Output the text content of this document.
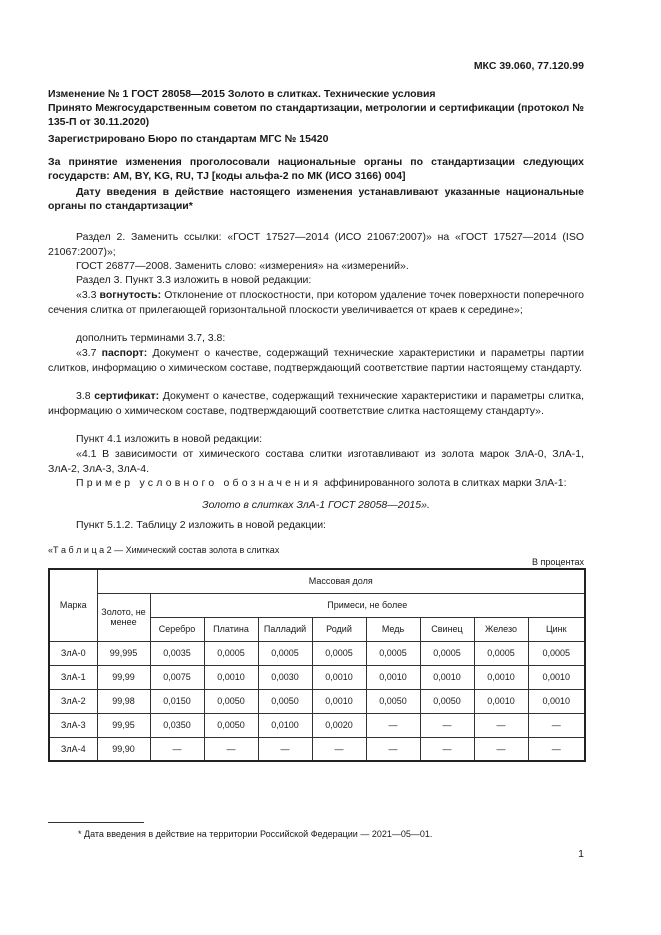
МКС 39.060, 77.120.99
Изменение № 1 ГОСТ 28058—2015 Золото в слитках. Технические условия
Принято Межгосударственным советом по стандартизации, метрологии и сертификации (протокол № 135-П от 30.11.2020)
Зарегистрировано Бюро по стандартам МГС № 15420
За принятие изменения проголосовали национальные органы по стандартизации следующих государств: AM, BY, KG, RU, TJ [коды альфа-2 по МК (ИСО 3166) 004]
Дату введения в действие настоящего изменения устанавливают указанные национальные органы по стандартизации*
Раздел 2. Заменить ссылки: «ГОСТ 17527—2014 (ИСО 21067:2007)» на «ГОСТ 17527—2014 (ISO 21067:2007)»;
ГОСТ 26877—2008. Заменить слово: «измерения» на «измерений».
Раздел 3. Пункт 3.3 изложить в новой редакции:
«3.3 вогнутость: Отклонение от плоскостности, при котором удаление точек поверхности поперечного сечения слитка от прилегающей горизонтальной плоскости увеличивается от краев к середине»;
дополнить терминами 3.7, 3.8:
«3.7 паспорт: Документ о качестве, содержащий технические характеристики и параметры партии слитков, информацию о химическом составе, подтверждающий соответствие партии настоящему стандарту.
3.8 сертификат: Документ о качестве, содержащий технические характеристики и параметры слитка, информацию о химическом составе, подтверждающий соответствие слитка настоящему стандарту».
Пункт 4.1 изложить в новой редакции:
«4.1 В зависимости от химического состава слитки изготавливают из золота марок ЗлА-0, ЗлА-1, ЗлА-2, ЗлА-3, ЗлА-4.
Пример условного обозначения аффинированного золота в слитках марки ЗлА-1:
Золото в слитках ЗлА-1 ГОСТ 28058—2015».
Пункт 5.1.2. Таблицу 2 изложить в новой редакции:
«Т а б л и ц а 2 — Химический состав золота в слитках
В процентах
Марка	Массовая доля								
	Золото, не менее	Примеси, не более							
		Серебро	Платина	Палладий	Родий	Медь	Свинец	Железо	Цинк
ЗлА-0	99,995	0,0035	0,0005	0,0005	0,0005	0,0005	0,0005	0,0005	0,0005
ЗлА-1	99,99	0,0075	0,0010	0,0030	0,0010	0,0010	0,0010	0,0010	0,0010
ЗлА-2	99,98	0,0150	0,0050	0,0050	0,0010	0,0050	0,0050	0,0010	0,0010
ЗлА-3	99,95	0,0350	0,0050	0,0100	0,0020	—	—	—	—
ЗлА-4	99,90	—	—	—	—	—	—	—	—
* Дата введения в действие на территории Российской Федерации — 2021—05—01.
1
